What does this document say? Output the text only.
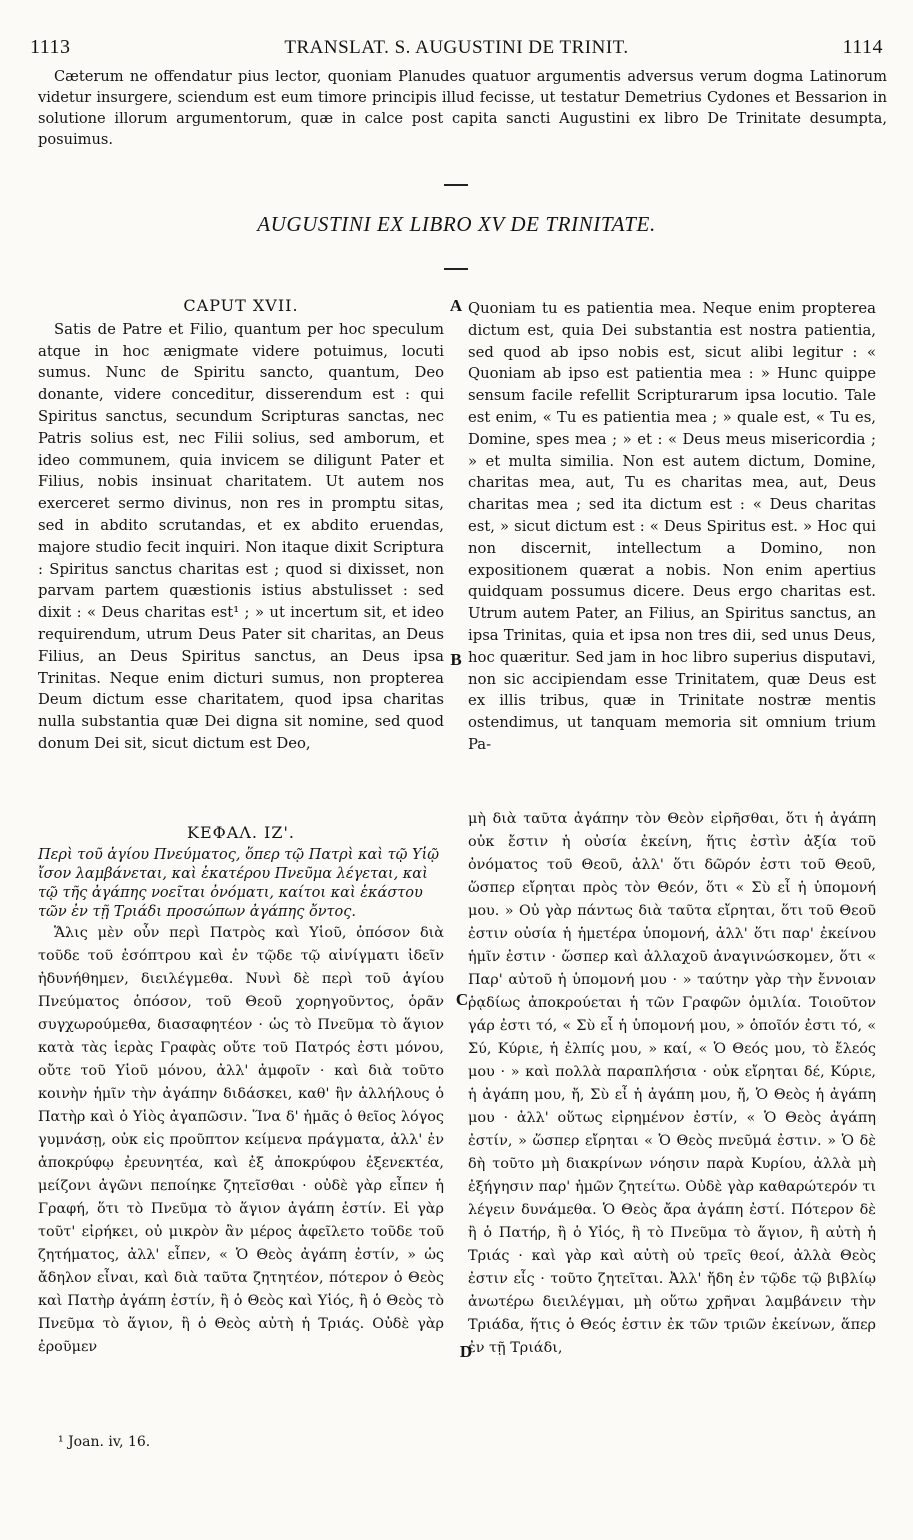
1113	TRANSLAT. S. AUGUSTINI DE TRINIT.	1114

Cæterum ne offendatur pius lector, quoniam Planudes quatuor argumentis adversus verum dogma Latinorum videtur insurgere, sciendum est eum timore principis illud fecisse, ut testatur Demetrius Cydones et Bessarion in solutione illorum argumentorum, quæ in calce post capita sancti Augustini ex libro De Trinitate desumpta, posuimus.

AUGUSTINI EX LIBRO XV DE TRINITATE.
CAPUT XVII.

Satis de Patre et Filio, quantum per hoc speculum atque in hoc ænigmate videre potuimus, locuti sumus. Nunc de Spiritu sancto, quantum, Deo donante, videre conceditur, disserendum est : qui Spiritus sanctus, secundum Scripturas sanctas, nec Patris solius est, nec Filii solius, sed amborum, et ideo communem, quia invicem se diligunt Pater et Filius, nobis insinuat charitatem. Ut autem nos exerceret sermo divinus, non res in promptu sitas, sed in abdito scrutandas, et ex abdito eruendas, majore studio fecit inquiri. Non itaque dixit Scriptura : Spiritus sanctus charitas est ; quod si dixisset, non parvam partem quæstionis istius abstulisset : sed dixit : « Deus charitas est¹ ; » ut incertum sit, et ideo requirendum, utrum Deus Pater sit charitas, an Deus Filius, an Deus Spiritus sanctus, an Deus ipsa Trinitas. Neque enim dicturi sumus, non propterea Deum dictum esse charitatem, quod ipsa charitas nulla substantia quæ Dei digna sit nomine, sed quod donum Dei sit, sicut dictum est Deo,

Quoniam tu es patientia mea. Neque enim propterea dictum est, quia Dei substantia est nostra patientia, sed quod ab ipso nobis est, sicut alibi legitur : « Quoniam ab ipso est patientia mea : » Hunc quippe sensum facile refellit Scripturarum ipsa locutio. Tale est enim, « Tu es patientia mea ; » quale est, « Tu es, Domine, spes mea ; » et : « Deus meus misericordia ; » et multa similia. Non est autem dictum, Domine, charitas mea, aut, Tu es charitas mea, aut, Deus charitas mea ; sed ita dictum est : « Deus charitas est, » sicut dictum est : « Deus Spiritus est. » Hoc qui non discernit, intellectum a Domino, non expositionem quærat a nobis. Non enim apertius quidquam possumus dicere. Deus ergo charitas est. Utrum autem Pater, an Filius, an Spiritus sanctus, an ipsa Trinitas, quia et ipsa non tres dii, sed unus Deus, hoc quæritur. Sed jam in hoc libro superius disputavi, non sic accipiendam esse Trinitatem, quæ Deus est ex illis tribus, quæ in Trinitate nostræ mentis ostendimus, ut tanquam memoria sit omnium trium Pa-

ΚΕΦΑΛ. ΙΖ'.

Περὶ τοῦ ἁγίου Πνεύματος, ὅπερ τῷ Πατρὶ καὶ τῷ Υἱῷ ἴσον λαμβάνεται, καὶ ἑκατέρου Πνεῦμα λέγεται, καὶ τῷ τῆς ἀγάπης νοεῖται ὀνόματι, καίτοι καὶ ἑκάστου τῶν ἐν τῇ Τριάδι προσώπων ἀγάπης ὄντος.

Ἅλις μὲν οὖν περὶ Πατρὸς καὶ Υἱοῦ, ὁπόσον διὰ τοῦδε τοῦ ἐσόπτρου καὶ ἐν τῷδε τῷ αἰνίγματι ἰδεῖν ἠδυνήθημεν, διειλέγμεθα. Νυνὶ δὲ περὶ τοῦ ἁγίου Πνεύματος ὁπόσον, τοῦ Θεοῦ χορηγοῦντος, ὁρᾶν συγχωρούμεθα, διασαφητέον · ὡς τὸ Πνεῦμα τὸ ἅγιον κατὰ τὰς ἱερὰς Γραφὰς οὔτε τοῦ Πατρός ἐστι μόνου, οὔτε τοῦ Υἱοῦ μόνου, ἀλλ' ἀμφοῖν · καὶ διὰ τοῦτο κοινὴν ἡμῖν τὴν ἀγάπην διδάσκει, καθ' ἣν ἀλλήλους ὁ Πατὴρ καὶ ὁ Υἱὸς ἀγαπῶσιν. Ἵνα δ' ἡμᾶς ὁ θεῖος λόγος γυμνάσῃ, οὐκ εἰς προῦπτον κείμενα πράγματα, ἀλλ' ἐν ἀποκρύφῳ ἐρευνητέα, καὶ ἐξ ἀποκρύφου ἐξενεκτέα, μείζονι ἀγῶνι πεποίηκε ζητεῖσθαι · οὐδὲ γὰρ εἶπεν ἡ Γραφή, ὅτι τὸ Πνεῦμα τὸ ἅγιον ἀγάπη ἐστίν. Εἰ γὰρ τοῦτ' εἰρήκει, οὐ μικρὸν ἂν μέρος ἀφεῖλετο τοῦδε τοῦ ζητήματος, ἀλλ' εἶπεν, « Ὁ Θεὸς ἀγάπη ἐστίν, » ὡς ἄδηλον εἶναι, καὶ διὰ ταῦτα ζητητέον, πότερον ὁ Θεὸς καὶ Πατὴρ ἀγάπη ἐστίν, ἢ ὁ Θεὸς καὶ Υἱός, ἢ ὁ Θεὸς τὸ Πνεῦμα τὸ ἅγιον, ἢ ὁ Θεὸς αὐτὴ ἡ Τριάς. Οὐδὲ γὰρ ἐροῦμεν

μὴ διὰ ταῦτα ἀγάπην τὸν Θεὸν εἰρῆσθαι, ὅτι ἡ ἀγάπη οὐκ ἔστιν ἡ οὐσία ἐκείνη, ἥτις ἐστὶν ἀξία τοῦ ὀνόματος τοῦ Θεοῦ, ἀλλ' ὅτι δῶρόν ἐστι τοῦ Θεοῦ, ὥσπερ εἴρηται πρὸς τὸν Θεόν, ὅτι « Σὺ εἶ ἡ ὑπομονή μου. » Οὐ γὰρ πάντως διὰ ταῦτα εἴρηται, ὅτι τοῦ Θεοῦ ἐστιν οὐσία ἡ ἡμετέρα ὑπομονή, ἀλλ' ὅτι παρ' ἐκείνου ἡμῖν ἐστιν · ὥσπερ καὶ ἀλλαχοῦ ἀναγινώσκομεν, ὅτι « Παρ' αὐτοῦ ἡ ὑπομονή μου · » ταύτην γὰρ τὴν ἔννοιαν ῥᾳδίως ἀποκρούεται ἡ τῶν Γραφῶν ὁμιλία. Τοιοῦτον γάρ ἐστι τό, « Σὺ εἶ ἡ ὑπομονή μου, » ὁποῖόν ἐστι τό, « Σύ, Κύριε, ἡ ἐλπίς μου, » καί, « Ὁ Θεός μου, τὸ ἔλεός μου · » καὶ πολλὰ παραπλήσια · οὐκ εἴρηται δέ, Κύριε, ἡ ἀγάπη μου, ἤ, Σὺ εἶ ἡ ἀγάπη μου, ἤ, Ὁ Θεὸς ἡ ἀγάπη μου · ἀλλ' οὕτως εἰρημένον ἐστίν, « Ὁ Θεὸς ἀγάπη ἐστίν, » ὥσπερ εἴρηται « Ὁ Θεὸς πνεῦμά ἐστιν. » Ὁ δὲ δὴ τοῦτο μὴ διακρίνων νόησιν παρὰ Κυρίου, ἀλλὰ μὴ ἐξήγησιν παρ' ἡμῶν ζητείτω. Οὐδὲ γὰρ καθαρώτερόν τι λέγειν δυνάμεθα. Ὁ Θεὸς ἄρα ἀγάπη ἐστί. Πότερον δὲ ἢ ὁ Πατήρ, ἢ ὁ Υἱός, ἢ τὸ Πνεῦμα τὸ ἅγιον, ἢ αὐτὴ ἡ Τριάς · καὶ γὰρ καὶ αὐτὴ οὐ τρεῖς θεοί, ἀλλὰ Θεὸς ἐστιν εἷς · τοῦτο ζητεῖται. Ἀλλ' ἤδη ἐν τῷδε τῷ βιβλίῳ ἀνωτέρω διειλέγμαι, μὴ οὕτω χρῆναι λαμβάνειν τὴν Τριάδα, ἥτις ὁ Θεός ἐστιν ἐκ τῶν τριῶν ἐκείνων, ἅπερ ἐν τῇ Τριάδι,

A
B
C
D
¹ Joan. iv, 16.
